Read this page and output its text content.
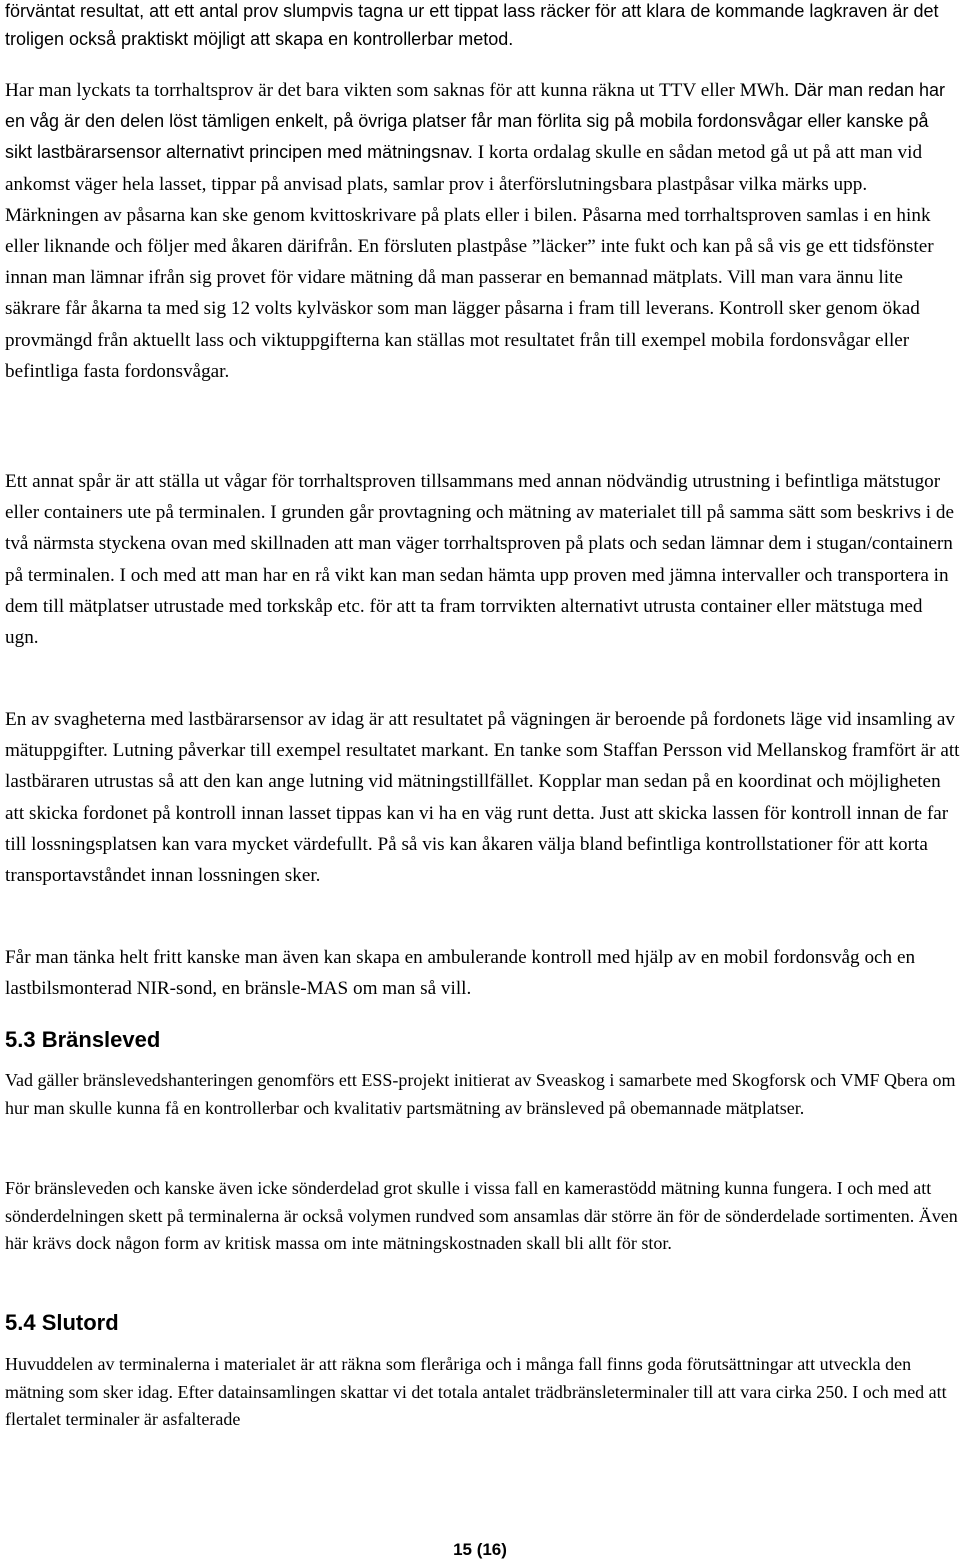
förväntat resultat, att ett antal prov slumpvis tagna ur ett tippat lass räcker för att klara de kommande lagkraven är det troligen också praktiskt möjligt att skapa en kontrollerbar metod.

Har man lyckats ta torrhaltsprov är det bara vikten som saknas för att kunna räkna ut TTV eller MWh. Där man redan har en våg är den delen löst tämligen enkelt, på övriga platser får man förlita sig på mobila fordonsvågar eller kanske på sikt lastbärarsensor alternativt principen med mätningsnav. I korta ordalag skulle en sådan metod gå ut på att man vid ankomst väger hela lasset, tippar på anvisad plats, samlar prov i återförslutningsbara plastpåsar vilka märks upp. Märkningen av påsarna kan ske genom kvittoskrivare på plats eller i bilen. Påsarna med torrhaltsproven samlas i en hink eller liknande och följer med åkaren därifrån. En försluten plastpåse ”läcker” inte fukt och kan på så vis ge ett tidsfönster innan man lämnar ifrån sig provet för vidare mätning då man passerar en bemannad mätplats. Vill man vara ännu lite säkrare får åkarna ta med sig 12 volts kylväskor som man lägger påsarna i fram till leverans. Kontroll sker genom ökad provmängd från aktuellt lass och viktuppgifterna kan ställas mot resultatet från till exempel mobila fordonsvågar eller befintliga fasta fordonsvågar.

Ett annat spår är att ställa ut vågar för torrhaltsproven tillsammans med annan nödvändig utrustning i befintliga mätstugor eller containers ute på terminalen. I grunden går provtagning och mätning av materialet till på samma sätt som beskrivs i de två närmsta styckena ovan med skillnaden att man väger torrhaltsproven på plats och sedan lämnar dem i stugan/containern på terminalen. I och med att man har en rå vikt kan man sedan hämta upp proven med jämna intervaller och transportera in dem till mätplatser utrustade med torkskåp etc. för att ta fram torrvikten alternativt utrusta container eller mätstuga med ugn.

En av svagheterna med lastbärarsensor av idag är att resultatet på vägningen är beroende på fordonets läge vid insamling av mätuppgifter. Lutning påverkar till exempel resultatet markant. En tanke som Staffan Persson vid Mellanskog framfört är att lastbäraren utrustas så att den kan ange lutning vid mätningstillfället. Kopplar man sedan på en koordinat och möjligheten att skicka fordonet på kontroll innan lasset tippas kan vi ha en väg runt detta. Just att skicka lassen för kontroll innan de far till lossningsplatsen kan vara mycket värdefullt. På så vis kan åkaren välja bland befintliga kontrollstationer för att korta transportavståndet innan lossningen sker.

Får man tänka helt fritt kanske man även kan skapa en ambulerande kontroll med hjälp av en mobil fordonsvåg och en lastbilsmonterad NIR-sond, en bränsle-MAS om man så vill.

5.3 Bränsleved

Vad gäller bränslevedshanteringen genomförs ett ESS-projekt initierat av Sveaskog i samarbete med Skogforsk och VMF Qbera om hur man skulle kunna få en kontrollerbar och kvalitativ partsmätning av bränsleved på obemannade mätplatser.

För bränsleveden och kanske även icke sönderdelad grot skulle i vissa fall en kamerastödd mätning kunna fungera. I och med att sönderdelningen skett på terminalerna är också volymen rundved som ansamlas där större än för de sönderdelade sortimenten. Även här krävs dock någon form av kritisk massa om inte mätningskostnaden skall bli allt för stor.

5.4 Slutord

Huvuddelen av terminalerna i materialet är att räkna som fleråriga och i många fall finns goda förutsättningar att utveckla den mätning som sker idag. Efter datainsamlingen skattar vi det totala antalet trädbränsleterminaler till att vara cirka 250. I och med att flertalet terminaler är asfalterade

15 (16)
